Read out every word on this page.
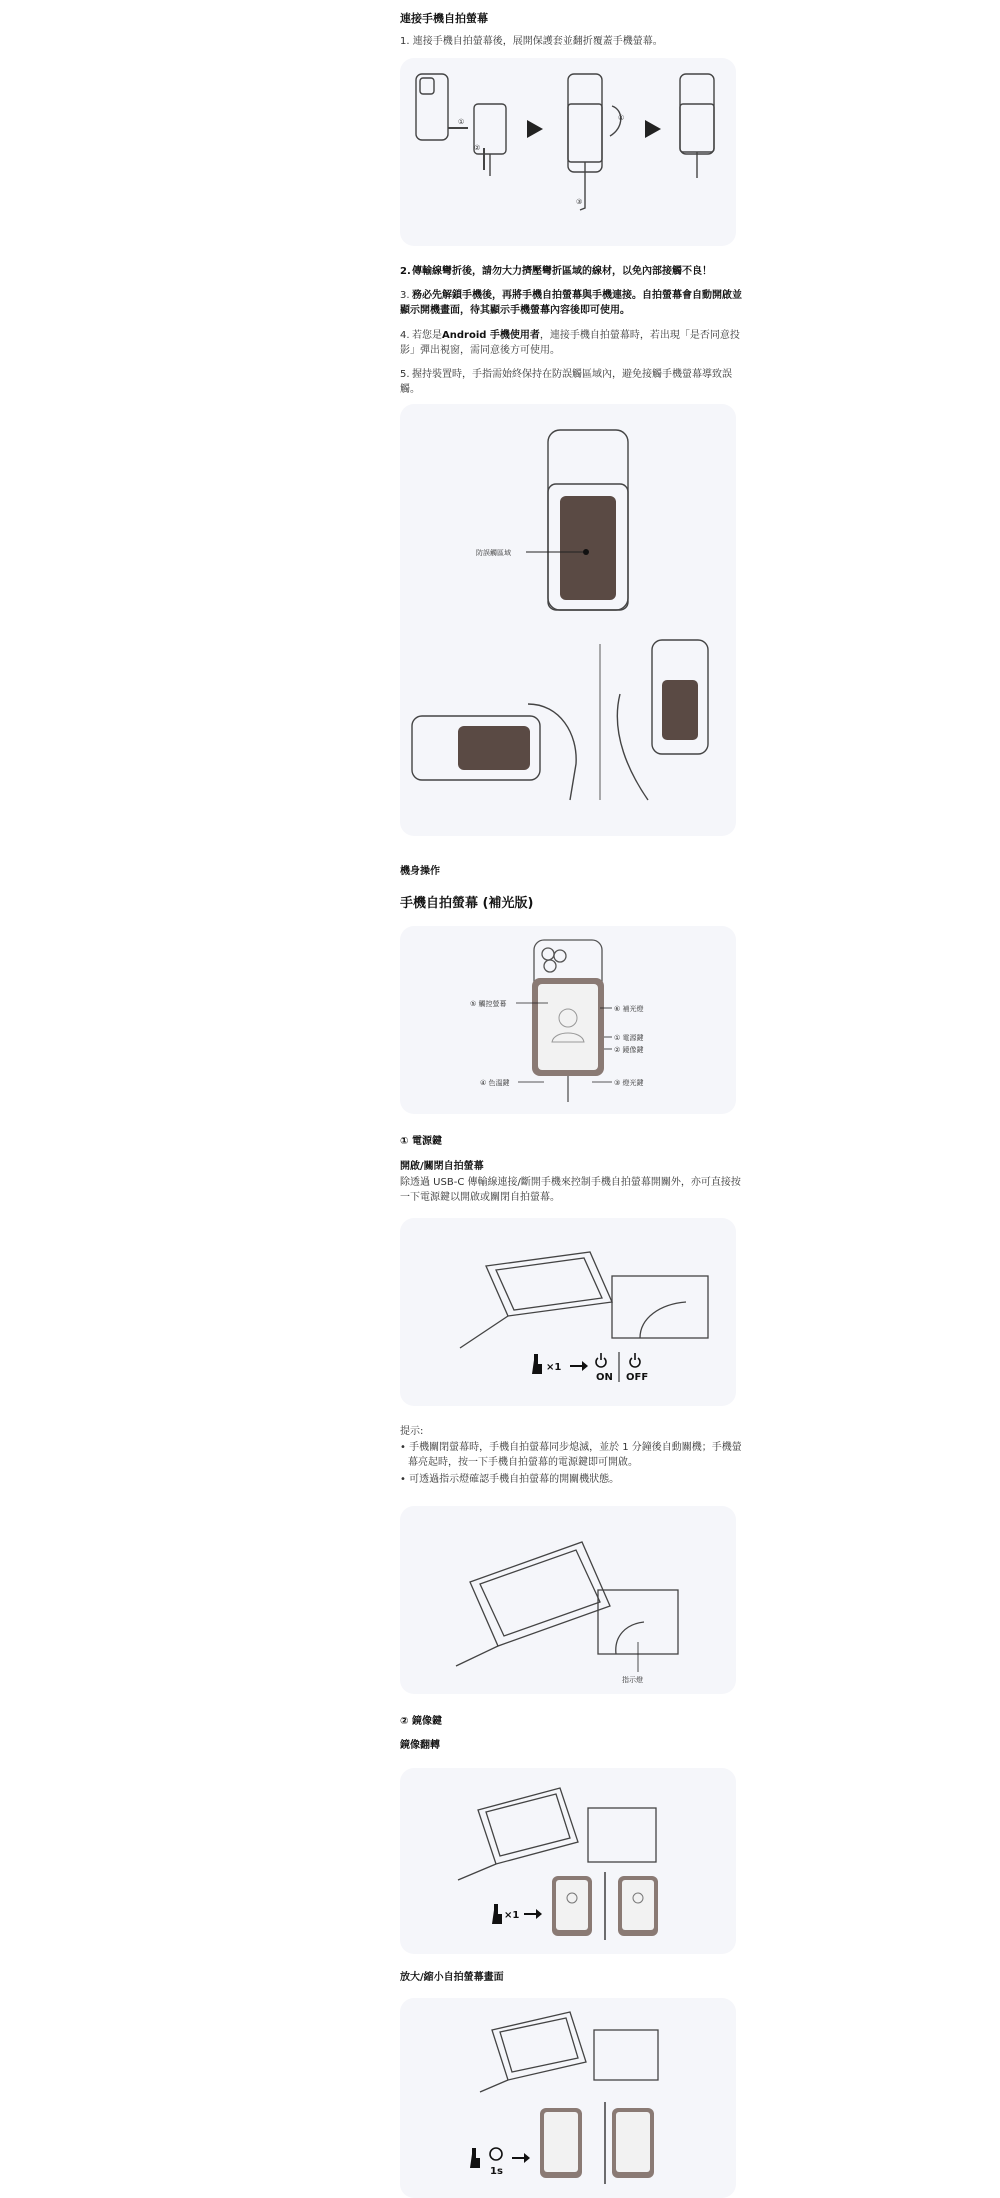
連接手機自拍螢幕

1. 連接手機自拍螢幕後，展開保護套並翻折覆蓋手機螢幕。

2.傳輸線彎折後，請勿大力擠壓彎折區域的線材，以免內部接觸不良！
3. 務必先解鎖手機後，再將手機自拍螢幕與手機連接。自拍螢幕會自動開啟並顯示開機畫面，待其顯示手機螢幕內容後即可使用。
4. 若您是Android 手機使用者，連接手機自拍螢幕時，若出現「是否同意投影」彈出視窗，需同意後方可使用。
5. 握持裝置時，手指需始終保持在防誤觸區域內，避免接觸手機螢幕導致誤觸。

機身操作

手機自拍螢幕 (補光版)

① 電源鍵

開啟/關閉自拍螢幕

除透過 USB-C 傳輸線連接/斷開手機來控制手機自拍螢幕開關外，亦可直接按一下電源鍵以開啟或關閉自拍螢幕。

提示:

• 手機關閉螢幕時，手機自拍螢幕同步熄滅，並於 1 分鐘後自動關機；手機螢幕亮起時，按一下手機自拍螢幕的電源鍵即可開啟。

• 可透過指示燈確認手機自拍螢幕的開關機狀態。

② 鏡像鍵

鏡像翻轉

放大/縮小自拍螢幕畫面

①
②
③
④
防誤觸區域
⑤ 觸控螢幕
⑥ 補光燈
① 電源鍵
② 鏡像鍵
④ 色溫鍵	③ 燈光鍵
×1
ON OFF
指示燈
×1
1s
